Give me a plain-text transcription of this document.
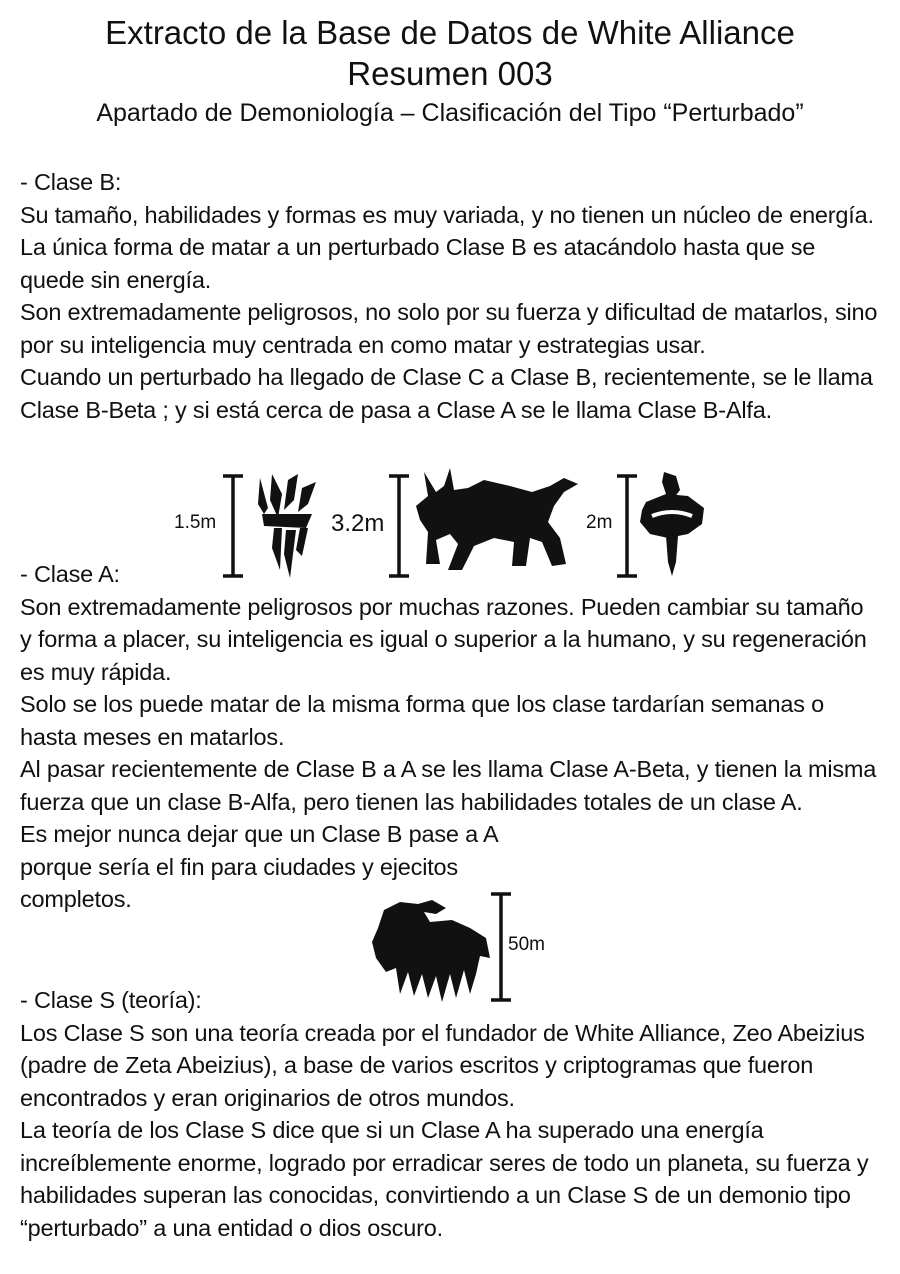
Extracto de la Base de Datos de White Alliance
Resumen 003
Apartado de Demoniología – Clasificación del Tipo “Perturbado”
- Clase B:

Su tamaño, habilidades y formas es muy variada, y no tienen un núcleo de energía. La única forma de matar a un perturbado Clase B es atacándolo hasta que se quede sin energía.

Son extremadamente peligrosos, no solo por su fuerza y dificultad de matarlos, sino por su inteligencia muy centrada en como matar y estrategias usar.

Cuando un perturbado ha llegado de Clase C a Clase B, recientemente, se le llama Clase B-Beta ; y si está cerca de pasa a Clase A se le llama Clase B-Alfa.

1.5m	3.2m	2m
- Clase A:

Son extremadamente peligrosos por muchas razones. Pueden cambiar su tamaño y forma a placer, su inteligencia es igual o superior a la humano, y su regeneración es muy rápida.

Solo se los puede matar de la misma forma que los clase tardarían semanas o hasta meses en matarlos.

Al pasar recientemente de Clase B a A se les llama Clase A-Beta, y tienen la misma fuerza que un clase B-Alfa, pero tienen las habilidades totales de un clase A.

Es mejor nunca dejar que un Clase B pase a A porque sería el fin para ciudades y ejecitos completos.

50m
- Clase S (teoría):

Los Clase S son una teoría creada por el fundador de White Alliance, Zeo Abeizius (padre de Zeta Abeizius), a base de varios escritos y criptogramas que fueron encontrados y eran originarios de otros mundos.

La teoría de los Clase S dice que si un Clase A ha superado una energía increíblemente enorme, logrado por erradicar seres de todo un planeta, su fuerza y habilidades superan las conocidas, convirtiendo a un Clase S de un demonio tipo “perturbado” a una entidad o dios oscuro.
